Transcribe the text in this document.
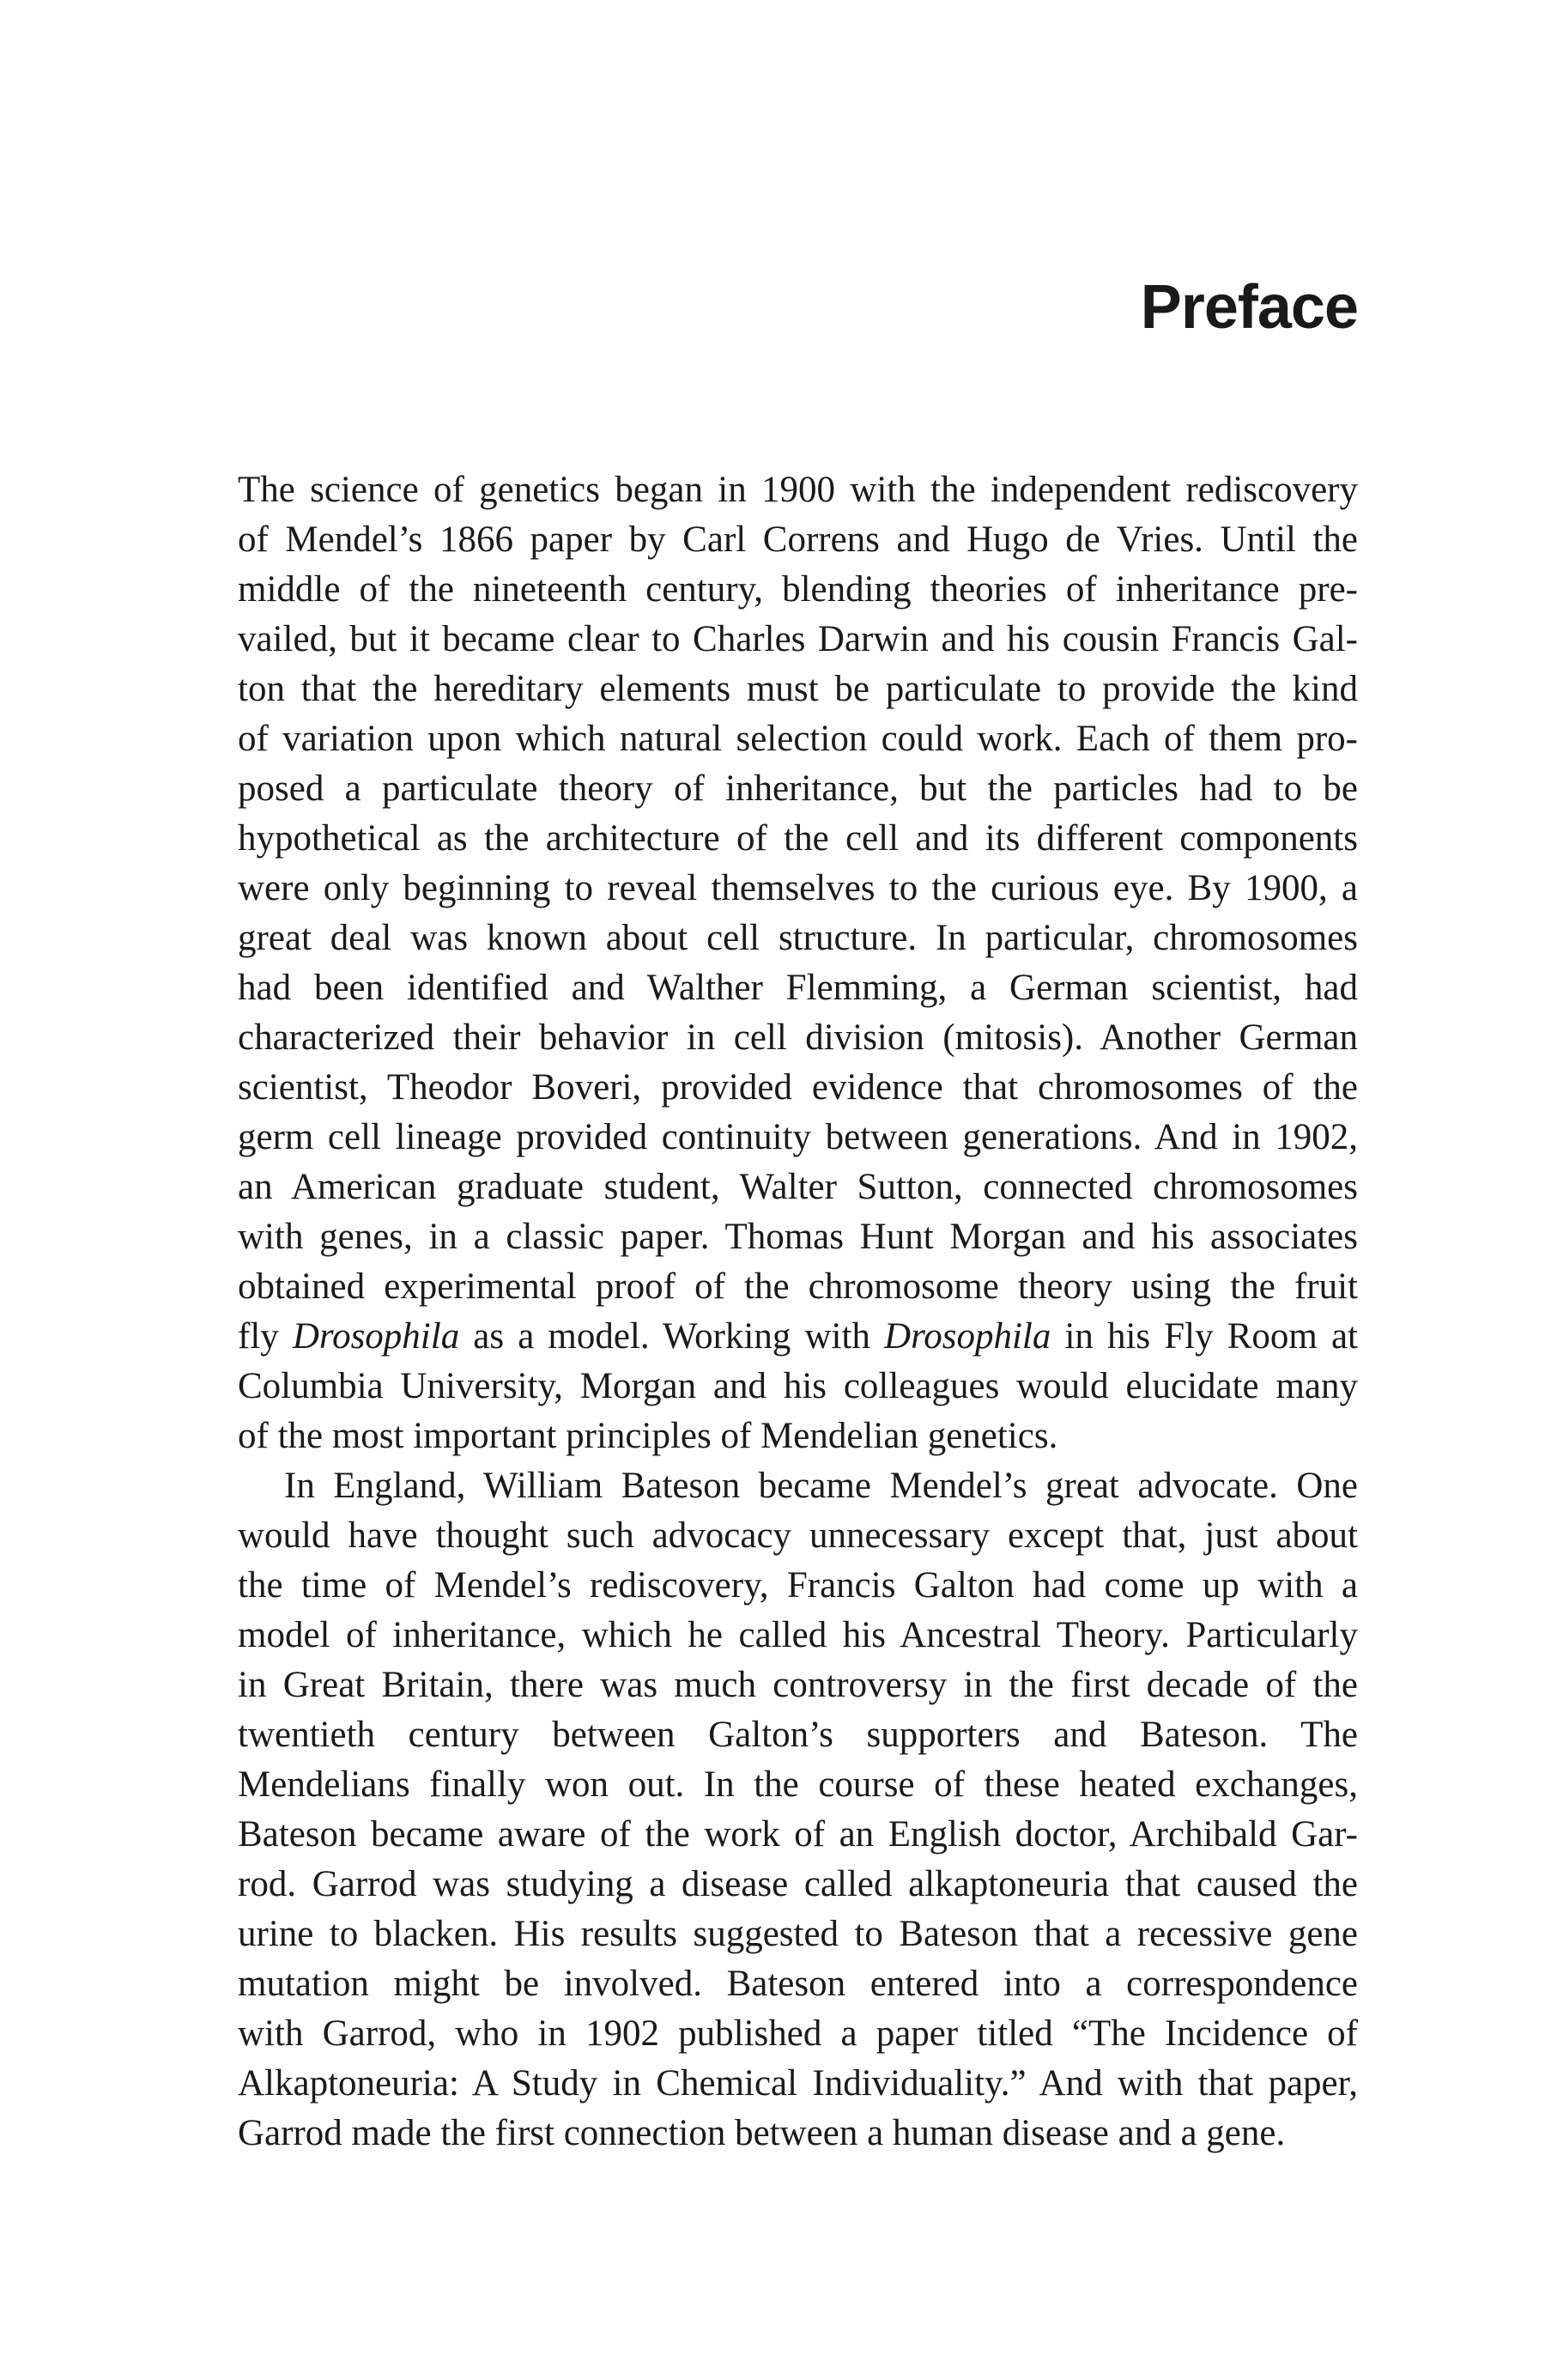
Preface
The science of genetics began in 1900 with the independent rediscovery
of Mendel’s 1866 paper by Carl Correns and Hugo de Vries. Until the
middle of the nineteenth century, blending theories of inheritance pre-
vailed, but it became clear to Charles Darwin and his cousin Francis Gal-
ton that the hereditary elements must be particulate to provide the kind
of variation upon which natural selection could work. Each of them pro-
posed a particulate theory of inheritance, but the particles had to be
hypothetical as the architecture of the cell and its different components
were only beginning to reveal themselves to the curious eye. By 1900, a
great deal was known about cell structure. In particular, chromosomes
had been identified and Walther Flemming, a German scientist, had
characterized their behavior in cell division (mitosis). Another German
scientist, Theodor Boveri, provided evidence that chromosomes of the
germ cell lineage provided continuity between generations. And in 1902,
an American graduate student, Walter Sutton, connected chromosomes
with genes, in a classic paper. Thomas Hunt Morgan and his associates
obtained experimental proof of the chromosome theory using the fruit
fly Drosophila as a model. Working with Drosophila in his Fly Room at
Columbia University, Morgan and his colleagues would elucidate many
of the most important principles of Mendelian genetics.
In England, William Bateson became Mendel’s great advocate. One
would have thought such advocacy unnecessary except that, just about
the time of Mendel’s rediscovery, Francis Galton had come up with a
model of inheritance, which he called his Ancestral Theory. Particularly
in Great Britain, there was much controversy in the first decade of the
twentieth century between Galton’s supporters and Bateson. The
Mendelians finally won out. In the course of these heated exchanges,
Bateson became aware of the work of an English doctor, Archibald Gar-
rod. Garrod was studying a disease called alkaptoneuria that caused the
urine to blacken. His results suggested to Bateson that a recessive gene
mutation might be involved. Bateson entered into a correspondence
with Garrod, who in 1902 published a paper titled “The Incidence of
Alkaptoneuria: A Study in Chemical Individuality.” And with that paper,
Garrod made the first connection between a human disease and a gene.
